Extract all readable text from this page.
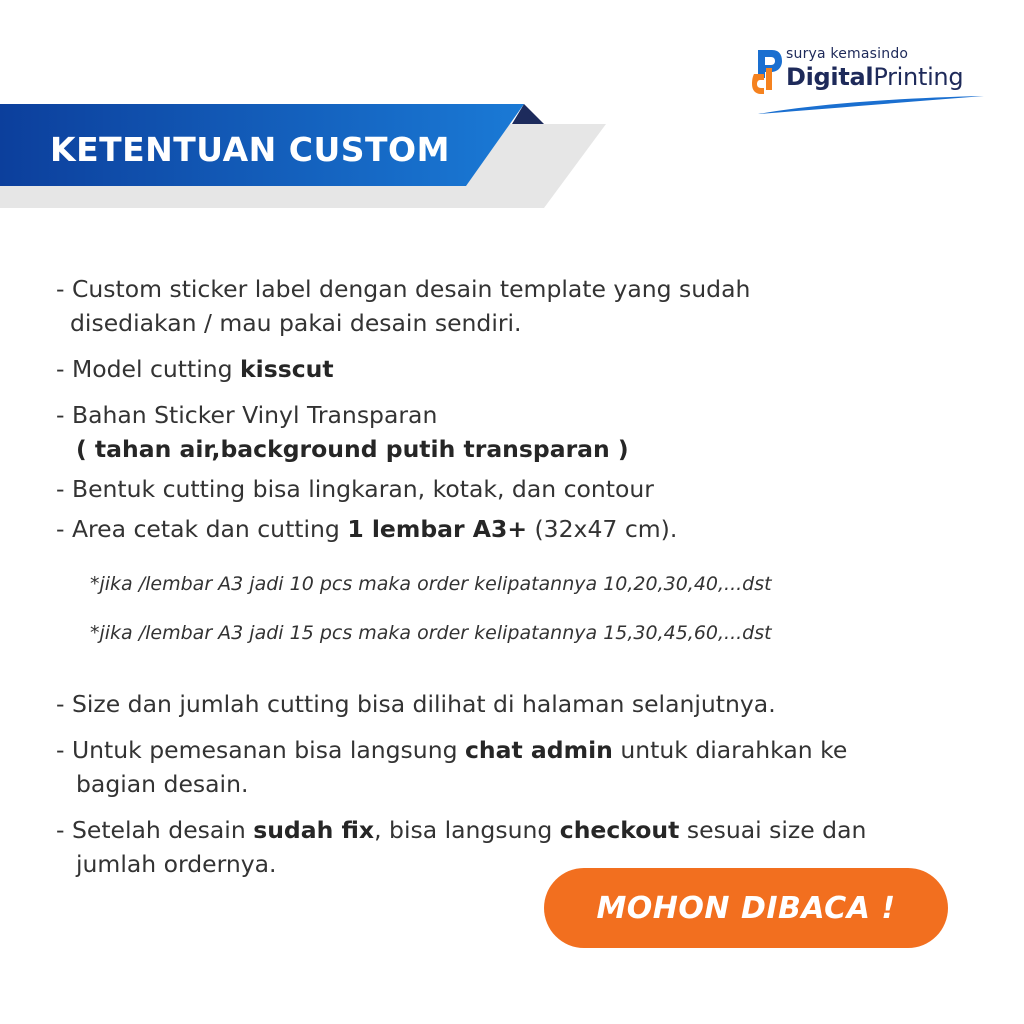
surya kemasindo
DigitalPrinting
KETENTUAN CUSTOM

- Custom sticker label dengan desain template yang sudah

disediakan / mau pakai desain sendiri.

- Model cutting kisscut

- Bahan Sticker Vinyl Transparan

( tahan air,background putih transparan )

- Bentuk cutting bisa lingkaran, kotak, dan contour

- Area cetak dan cutting 1 lembar A3+ (32x47 cm).

*jika /lembar A3 jadi 10 pcs maka order kelipatannya 10,20,30,40,...dst

*jika /lembar A3 jadi 15 pcs maka order kelipatannya 15,30,45,60,...dst

- Size dan jumlah cutting bisa dilihat di halaman selanjutnya.

- Untuk pemesanan bisa langsung chat admin untuk diarahkan ke

bagian desain.

- Setelah desain sudah fix, bisa langsung checkout sesuai size dan

jumlah ordernya.

MOHON DIBACA !
